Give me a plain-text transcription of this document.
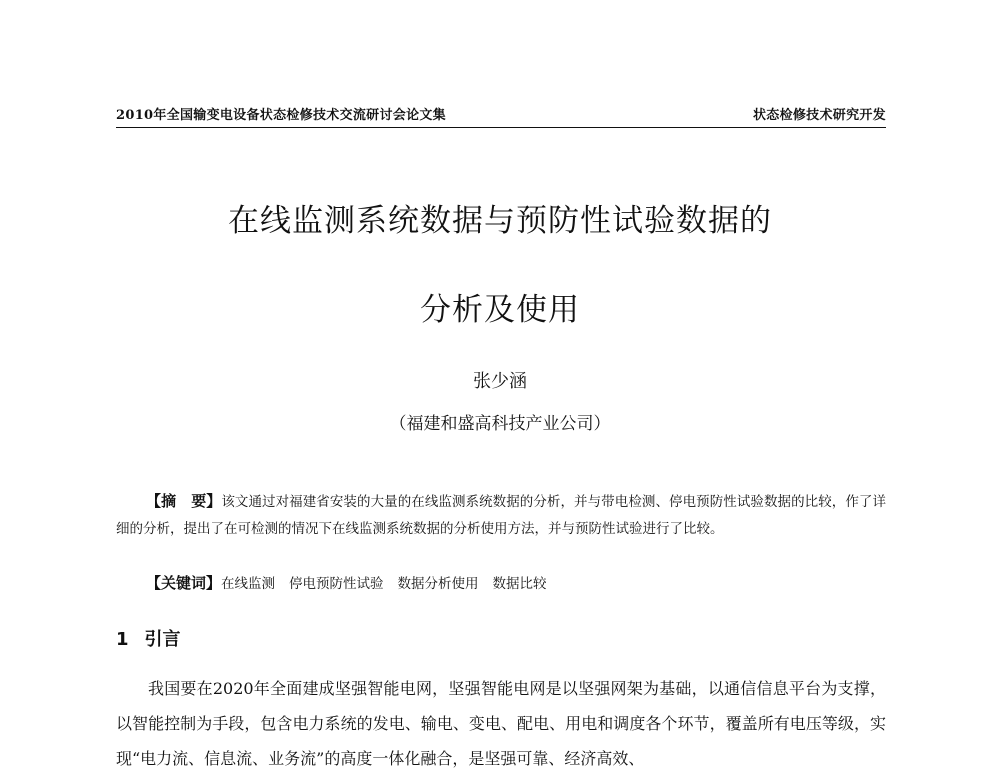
2010年全国输变电设备状态检修技术交流研讨会论文集	状态检修技术研究开发
在线监测系统数据与预防性试验数据的
分析及使用
张少涵
（福建和盛高科技产业公司）
【摘　要】该文通过对福建省安装的大量的在线监测系统数据的分析，并与带电检测、停电预防性试验数据的比较，作了详细的分析，提出了在可检测的情况下在线监测系统数据的分析使用方法，并与预防性试验进行了比较。
【关键词】在线监测 停电预防性试验 数据分析使用 数据比较
1 引言
我国要在2020年全面建成坚强智能电网，坚强智能电网是以坚强网架为基础，以通信信息平台为支撑，以智能控制为手段，包含电力系统的发电、输电、变电、配电、用电和调度各个环节，覆盖所有电压等级，实现“电力流、信息流、业务流”的高度一体化融合，是坚强可靠、经济高效、
